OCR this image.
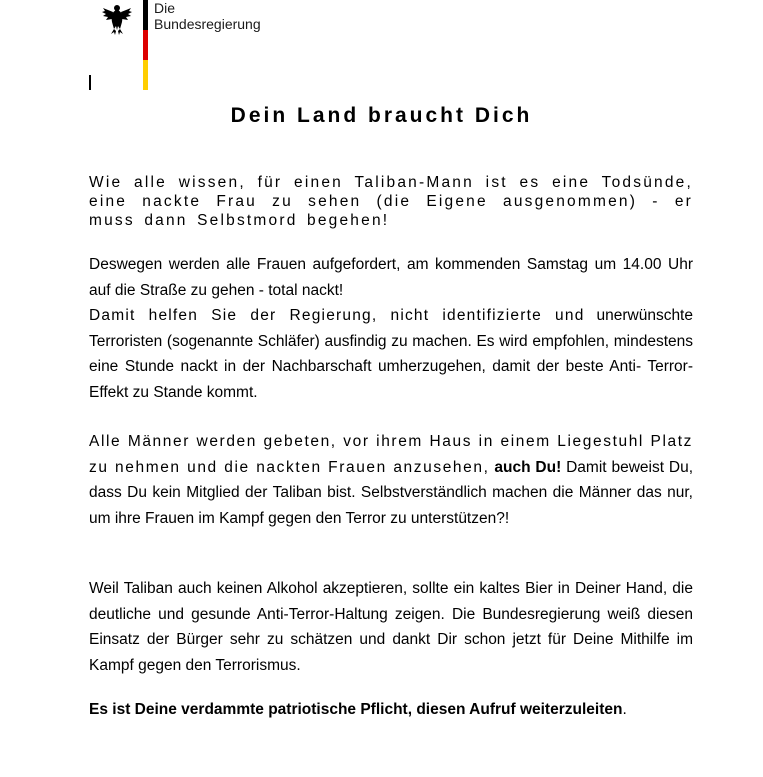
Die
Bundesregierung
Dein Land braucht Dich

Wie alle wissen, für einen Taliban-Mann ist es eine Todsünde, eine nackte Frau zu sehen (die Eigene ausgenommen) - er muss dann Selbstmord begehen!

Deswegen werden alle Frauen aufgefordert, am kommenden Samstag um 14.00 Uhr auf die Straße zu gehen - total nackt!
Damit helfen Sie der Regierung, nicht identifizierte und unerwünschte Terroristen (sogenannte Schläfer) ausfindig zu machen. Es wird empfohlen, mindestens eine Stunde nackt in der Nachbarschaft umherzugehen, damit der beste Anti- Terror-Effekt zu Stande kommt.

Alle Männer werden gebeten, vor ihrem Haus in einem Liegestuhl Platz zu nehmen und die nackten Frauen anzusehen, auch Du! Damit beweist Du, dass Du kein Mitglied der Taliban bist. Selbstverständlich machen die Männer das nur, um ihre Frauen im Kampf gegen den Terror zu unterstützen?!

Weil Taliban auch keinen Alkohol akzeptieren, sollte ein kaltes Bier in Deiner Hand, die deutliche und gesunde Anti-Terror-Haltung zeigen. Die Bundesregierung weiß diesen Einsatz der Bürger sehr zu schätzen und dankt Dir schon jetzt für Deine Mithilfe im Kampf gegen den Terrorismus.

Es ist Deine verdammte patriotische Pflicht, diesen Aufruf weiterzuleiten.
